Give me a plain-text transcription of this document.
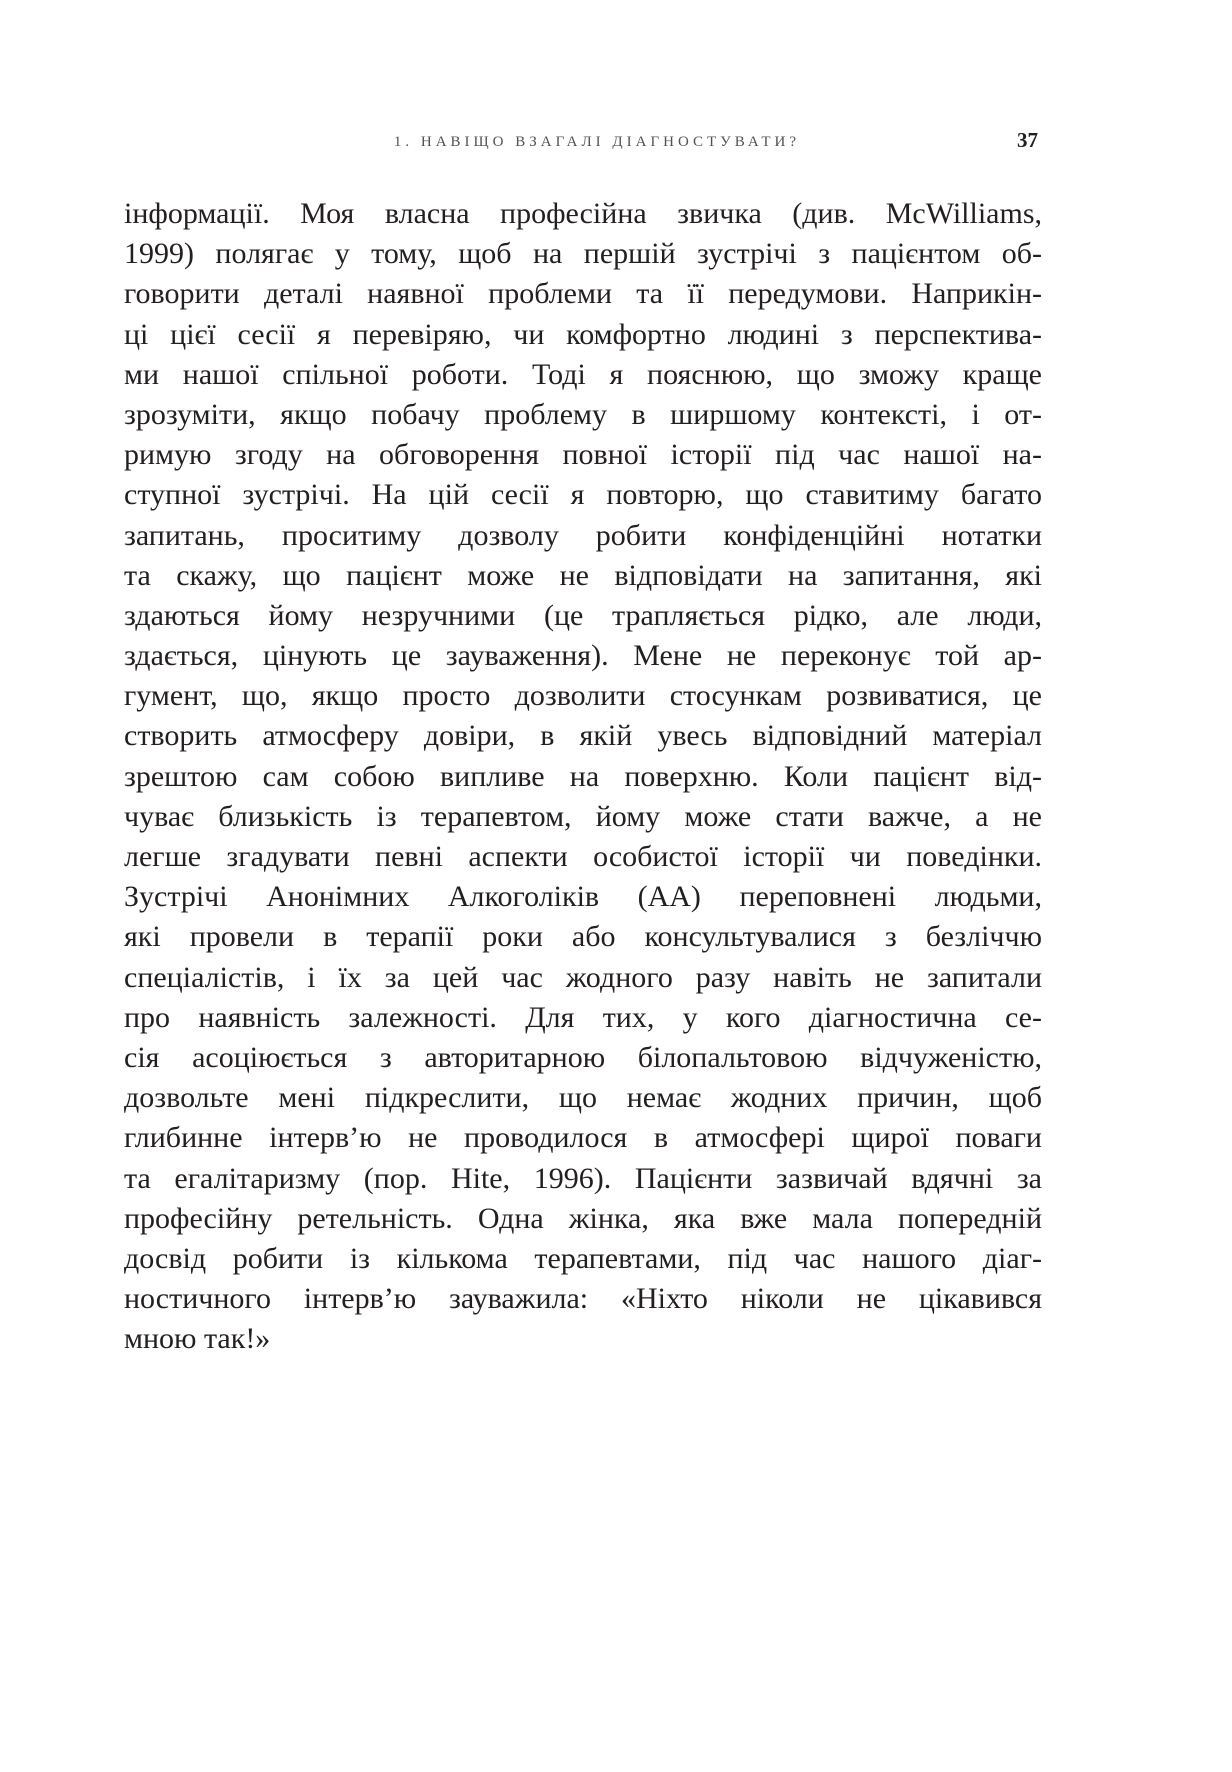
1. НАВІЩО ВЗАГАЛІ ДІАГНОСТУВАТИ?	37
інформації. Моя власна професійна звичка (див. McWilliams,
1999) полягає у тому, щоб на першій зустрічі з пацієнтом об-
говорити деталі наявної проблеми та її передумови. Наприкін-
ці цієї сесії я перевіряю, чи комфортно людині з перспектива-
ми нашої спільної роботи. Тоді я пояснюю, що зможу краще
зрозуміти, якщо побачу проблему в ширшому контексті, і от-
римую згоду на обговорення повної історії під час нашої на-
ступної зустрічі. На цій сесії я повторю, що ставитиму багато
запитань, проситиму дозволу робити конфіденційні нотатки
та скажу, що пацієнт може не відповідати на запитання, які
здаються йому незручними (це трапляється рідко, але люди,
здається, цінують це зауваження). Мене не переконує той ар-
гумент, що, якщо просто дозволити стосункам розвиватися, це
створить атмосферу довіри, в якій увесь відповідний матеріал
зрештою сам собою випливе на поверхню. Коли пацієнт від-
чуває близькість із терапевтом, йому може стати важче, а не
легше згадувати певні аспекти особистої історії чи поведінки.
Зустрічі Анонімних Алкоголіків (АА) переповнені людьми,
які провели в терапії роки або консультувалися з безліччю
спеціалістів, і їх за цей час жодного разу навіть не запитали
про наявність залежності. Для тих, у кого діагностична се-
сія асоціюється з авторитарною білопальтовою відчуженістю,
дозвольте мені підкреслити, що немає жодних причин, щоб
глибинне інтерв’ю не проводилося в атмосфері щирої поваги
та егалітаризму (пор. Hite, 1996). Пацієнти зазвичай вдячні за
професійну ретельність. Одна жінка, яка вже мала попередній
досвід робити із кількома терапевтами, під час нашого діаг-
ностичного інтерв’ю зауважила: «Ніхто ніколи не цікавився
мною так!»
